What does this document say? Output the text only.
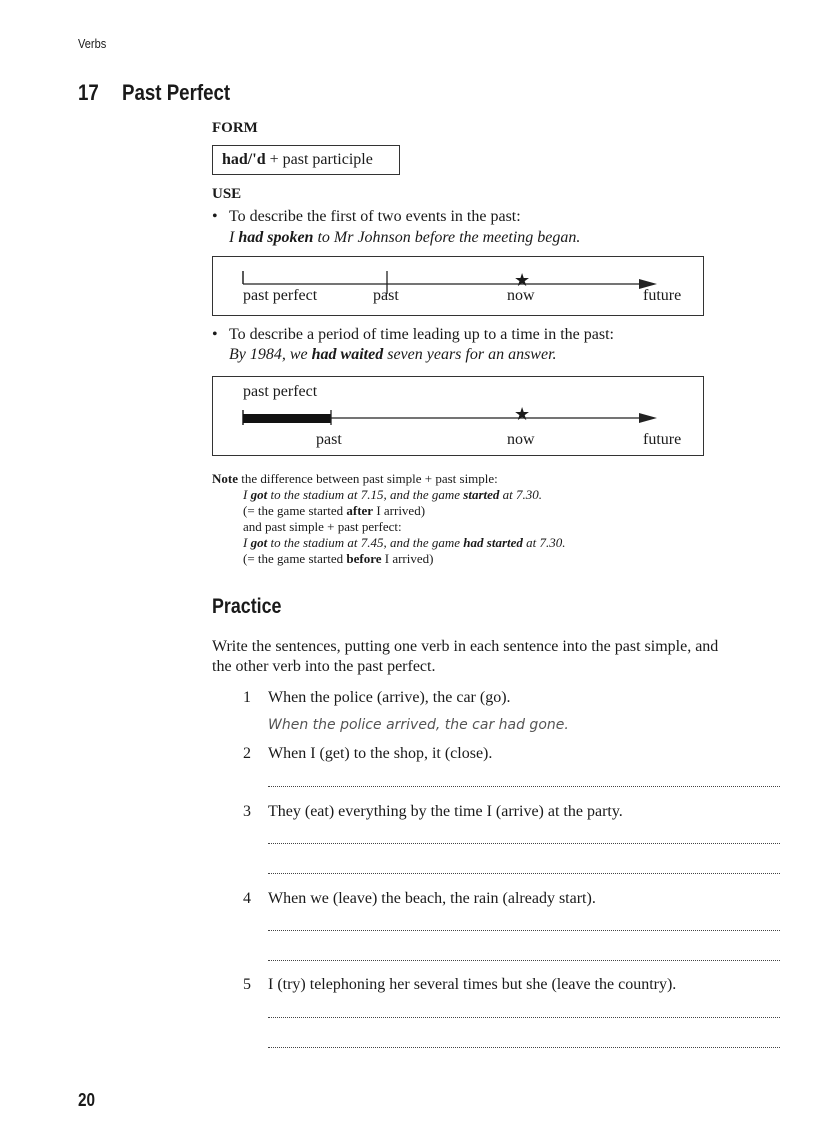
Verbs
17 Past Perfect
FORM
had/'d + past participle
USE
• To describe the first of two events in the past:
I had spoken to Mr Johnson before the meeting began.
★
past perfect	past	now	future
• To describe a period of time leading up to a time in the past:
By 1984, we had waited seven years for an answer.
past perfect
★
past	now	future
Note the difference between past simple + past simple:
I got to the stadium at 7.15, and the game started at 7.30.
(= the game started after I arrived)
and past simple + past perfect:
I got to the stadium at 7.45, and the game had started at 7.30.
(= the game started before I arrived)
Practice
Write the sentences, putting one verb in each sentence into the past simple, and
the other verb into the past perfect.
1 When the police (arrive), the car (go).
When the police arrived, the car had gone.
2 When I (get) to the shop, it (close).
3 They (eat) everything by the time I (arrive) at the party.
4 When we (leave) the beach, the rain (already start).
5 I (try) telephoning her several times but she (leave the country).
20
